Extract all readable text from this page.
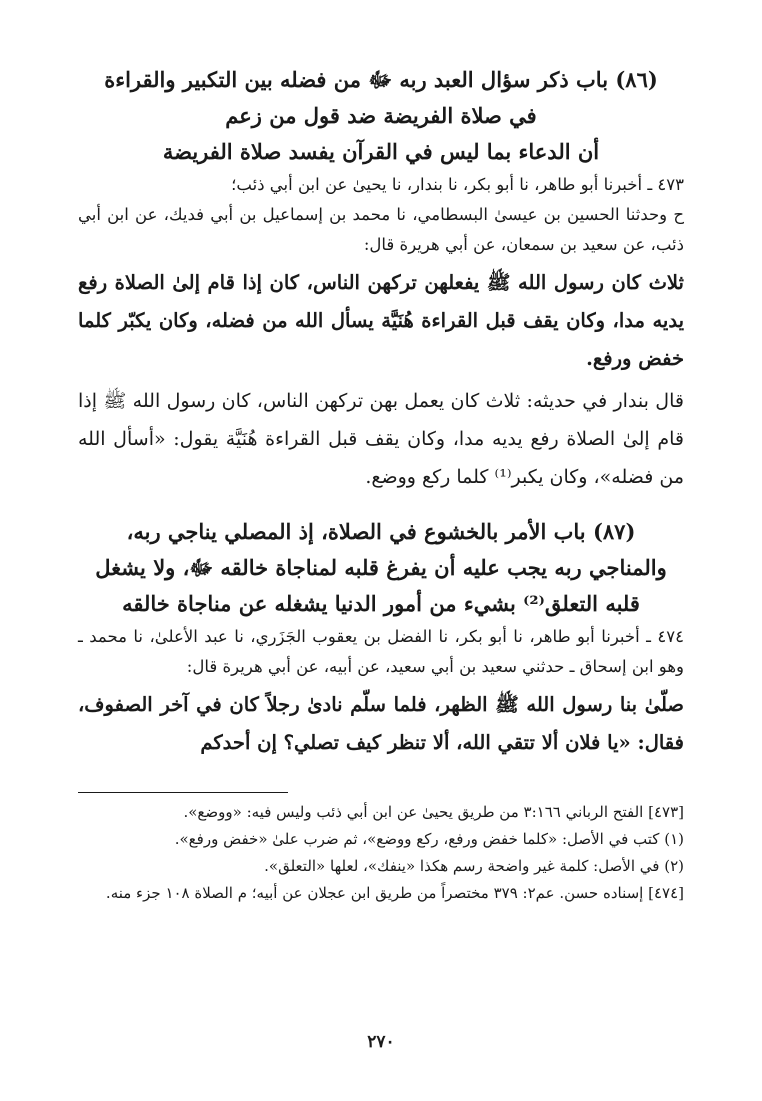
(٨٦) باب ذكر سؤال العبد ربه ﷻ من فضله بين التكبير والقراءة

في صلاة الفريضة ضد قول من زعم

أن الدعاء بما ليس في القرآن يفسد صلاة الفريضة

٤٧٣ ـ أخبرنا أبو طاهر، نا أبو بكر، نا بندار، نا يحيىٰ عن ابن أبي ذئب؛

ح وحدثنا الحسين بن عيسىٰ البسطامي، نا محمد بن إسماعيل بن أبي فديك، عن ابن أبي ذئب، عن سعيد بن سمعان، عن أبي هريرة قال:

ثلاث كان رسول الله ﷺ يفعلهن تركهن الناس، كان إذا قام إلىٰ الصلاة رفع يديه مدا، وكان يقف قبل القراءة هُنَيَّة يسأل الله من فضله، وكان يكبّر كلما خفض ورفع.

قال بندار في حديثه: ثلاث كان يعمل بهن تركهن الناس، كان رسول الله ﷺ إذا قام إلىٰ الصلاة رفع يديه مدا، وكان يقف قبل القراءة هُنَيَّة يقول: «أسأل الله من فضله»، وكان يكبر⁽¹⁾ كلما ركع ووضع.

(٨٧) باب الأمر بالخشوع في الصلاة، إذ المصلي يناجي ربه،

والمناجي ربه يجب عليه أن يفرغ قلبه لمناجاة خالقه ﷻ، ولا يشغل

قلبه التعلق⁽²⁾ بشيء من أمور الدنيا يشغله عن مناجاة خالقه

٤٧٤ ـ أخبرنا أبو طاهر، نا أبو بكر، نا الفضل بن يعقوب الجَزَري، نا عبد الأعلىٰ، نا محمد ـ وهو ابن إسحاق ـ حدثني سعيد بن أبي سعيد، عن أبيه، عن أبي هريرة قال:

صلّىٰ بنا رسول الله ﷺ الظهر، فلما سلّم نادىٰ رجلاً كان في آخر الصفوف، فقال: «يا فلان ألا تتقي الله، ألا تنظر كيف تصلي؟ إن أحدكم

[٤٧٣] الفتح الرباني ٣:١٦٦ من طريق يحيىٰ عن ابن أبي ذئب وليس فيه: «ووضع».

(١) كتب في الأصل: «كلما خفض ورفع، ركع ووضع»، ثم ضرب علىٰ «خفض ورفع».

(٢) في الأصل: كلمة غير واضحة رسم هكذا «ينفك»، لعلها «التعلق».

[٤٧٤] إسناده حسن. عم٢: ٣٧٩ مختصراً من طريق ابن عجلان عن أبيه؛ م الصلاة ١٠٨ جزء منه.

٢٧٠
